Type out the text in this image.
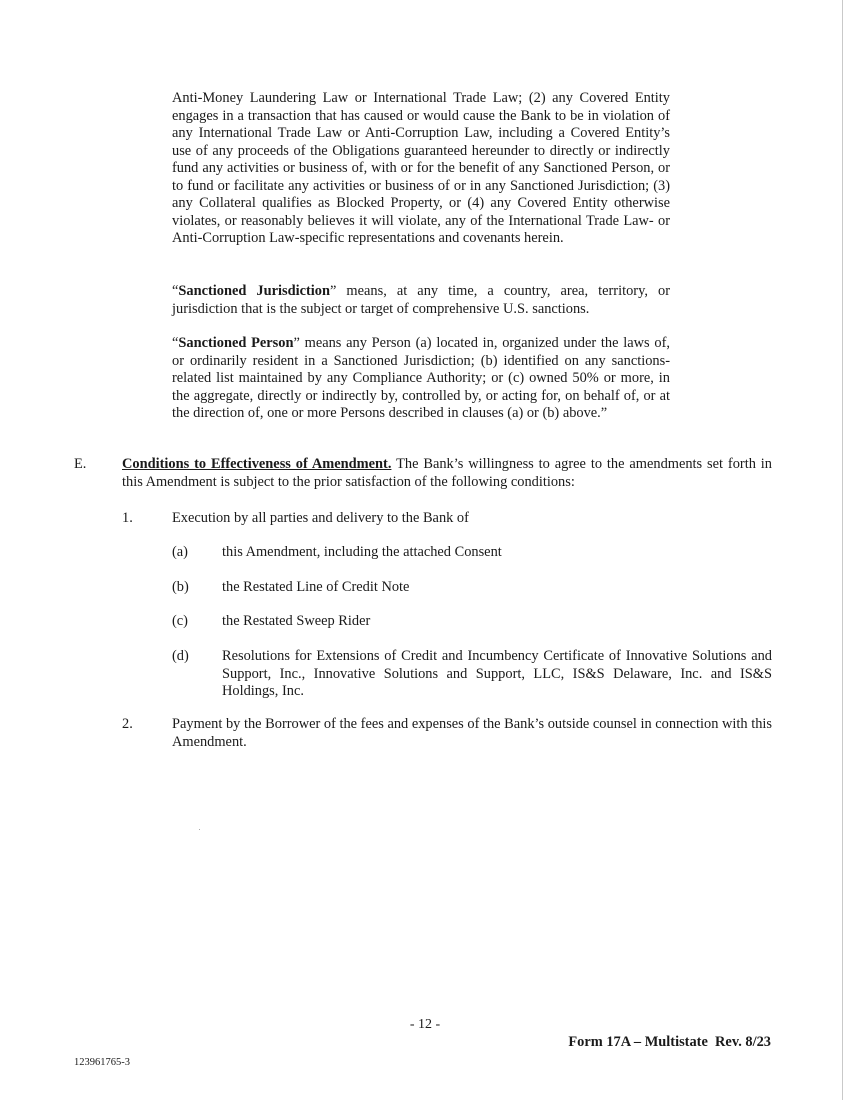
Anti-Money Laundering Law or International Trade Law; (2) any Covered Entity engages in a transaction that has caused or would cause the Bank to be in violation of any International Trade Law or Anti-Corruption Law, including a Covered Entity’s use of any proceeds of the Obligations guaranteed hereunder to directly or indirectly fund any activities or business of, with or for the benefit of any Sanctioned Person, or to fund or facilitate any activities or business of or in any Sanctioned Jurisdiction; (3) any Collateral qualifies as Blocked Property, or (4) any Covered Entity otherwise violates, or reasonably believes it will violate, any of the International Trade Law- or Anti-Corruption Law-specific representations and covenants herein.

“Sanctioned Jurisdiction” means, at any time, a country, area, territory, or jurisdiction that is the subject or target of comprehensive U.S. sanctions.

“Sanctioned Person” means any Person (a) located in, organized under the laws of, or ordinarily resident in a Sanctioned Jurisdiction; (b) identified on any sanctions-related list maintained by any Compliance Authority; or (c) owned 50% or more, in the aggregate, directly or indirectly by, controlled by, or acting for, on behalf of, or at the direction of, one or more Persons described in clauses (a) or (b) above.”

E. Conditions to Effectiveness of Amendment. The Bank’s willingness to agree to the amendments set forth in this Amendment is subject to the prior satisfaction of the following conditions:

1.	Execution by all parties and delivery to the Bank of
(a) this Amendment, including the attached Consent
(b) the Restated Line of Credit Note
(c) the Restated Sweep Rider
(d) Resolutions for Extensions of Credit and Incumbency Certificate of Innovative Solutions and Support, Inc., Innovative Solutions and Support, LLC, IS&S Delaware, Inc. and IS&S Holdings, Inc.
2.	Payment by the Borrower of the fees and expenses of the Bank’s outside counsel in connection with this Amendment.
- 12 -
Form 17A – Multistate  Rev. 8/23
123961765-3
